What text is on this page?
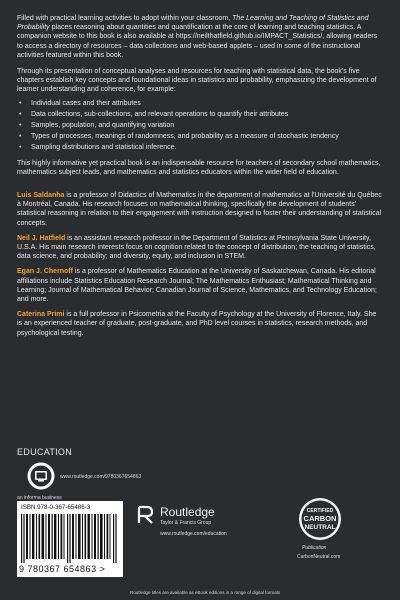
Filled with practical learning activities to adopt within your classroom, The Learning and Teaching of Statistics and Probability places reasoning about quantities and quantification at the core of learning and teaching statistics. A companion website to this book is also available at https://neilthatfield.github.io/IMPACT_Statistics/, allowing readers to access a directory of resources – data collections and web-based applets – used in some of the instructional activities featured within this book.

Through its presentation of conceptual analyses and resources for teaching with statistical data, the book's five chapters establish key concepts and foundational ideas in statistics and probability, emphasizing the development of learner understanding and coherence, for example:

• Individual cases and their attributes
• Data collections, sub-collections, and relevant operations to quantify their attributes
• Samples, population, and quantifying variation
• Types of processes, meanings of randomness, and probability as a measure of stochastic tendency
• Sampling distributions and statistical inference.

This highly informative yet practical book is an indispensable resource for teachers of secondary school mathematics, mathematics subject leads, and mathematics and statistics educators within the wider field of education.

Luis Saldanha is a professor of Didactics of Mathematics in the department of mathematics at l'Université du Québec à Montréal, Canada. His research focuses on mathematical thinking, specifically the development of students' statistical reasoning in relation to their engagement with instruction designed to foster their understanding of statistical concepts.

Neil J. Hatfield is an assistant research professor in the Department of Statistics at Pennsylvania State University, U.S.A. His main research interests focus on cognition related to the concept of distribution; the teaching of statistics, data science, and probability; and diversity, equity, and inclusion in STEM.

Egan J. Chernoff is a professor of Mathematics Education at the University of Saskatchewan, Canada. His editorial affiliations include Statistics Education Research Journal; The Mathematics Enthusiast; Mathematical Thinking and Learning; Journal of Mathematical Behavior; Canadian Journal of Science, Mathematics, and Technology Education; and more.

Caterina Primi is a full professor in Psicometria at the Faculty of Psychology at the University of Florence, Italy. She is an experienced teacher of graduate, post-graduate, and PhD level courses in statistics, research methods, and psychological testing.

EDUCATION
www.routledge.com/9780367654863
an informa business
ISBN 978-0-367-65486-3
9 780367 654863 >
Routledge
Taylor & Francis Group
www.routledge.com/education
CERTIFIED
CARBON
NEUTRAL
Publication
CarbonNeutral.com
Routledge titles are available as eBook editions in a range of digital formats
